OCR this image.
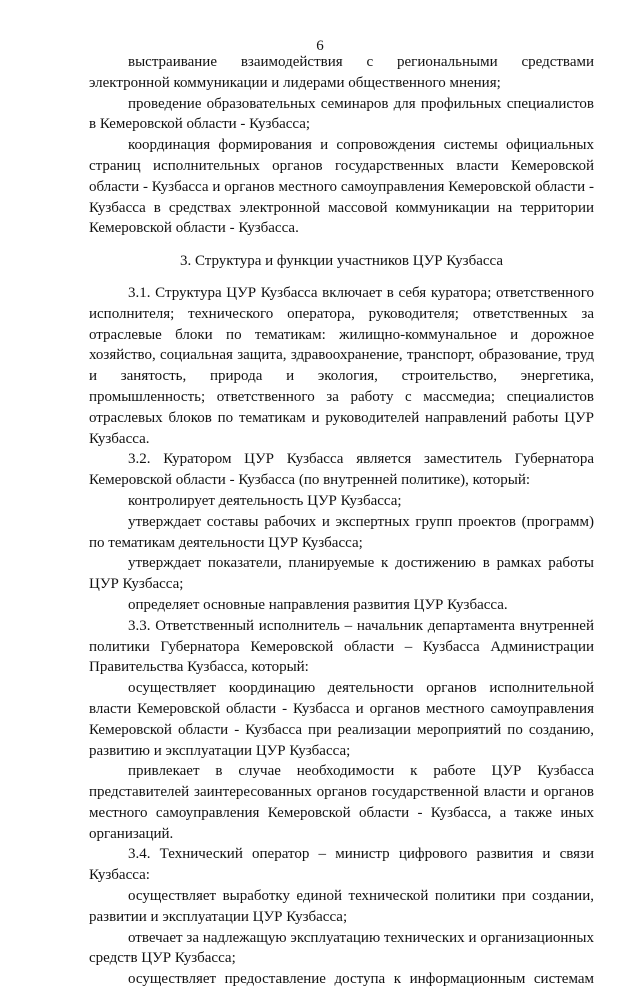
6

выстраивание взаимодействия с региональными средствами электронной коммуникации и лидерами общественного мнения;

проведение образовательных семинаров для профильных специалистов в Кемеровской области - Кузбасса;

координация формирования и сопровождения системы официальных страниц исполнительных органов государственных власти Кемеровской области - Кузбасса и органов местного самоуправления Кемеровской области - Кузбасса в средствах электронной массовой коммуникации на территории Кемеровской области - Кузбасса.

3. Структура и функции участников ЦУР Кузбасса

3.1. Структура ЦУР Кузбасса включает в себя куратора; ответственного исполнителя; технического оператора, руководителя; ответственных за отраслевые блоки по тематикам: жилищно-коммунальное и дорожное хозяйство, социальная защита, здравоохранение, транспорт, образование, труд и занятость, природа и экология, строительство, энергетика, промышленность; ответственного за работу с массмедиа; специалистов отраслевых блоков по тематикам и руководителей направлений работы ЦУР Кузбасса.

3.2. Куратором ЦУР Кузбасса является заместитель Губернатора Кемеровской области - Кузбасса (по внутренней политике), который:

контролирует деятельность ЦУР Кузбасса;

утверждает составы рабочих и экспертных групп проектов (программ) по тематикам деятельности ЦУР Кузбасса;

утверждает показатели, планируемые к достижению в рамках работы ЦУР Кузбасса;

определяет основные направления развития ЦУР Кузбасса.

3.3. Ответственный исполнитель – начальник департамента внутренней политики Губернатора Кемеровской области – Кузбасса Администрации Правительства Кузбасса, который:

осуществляет координацию деятельности органов исполнительной власти Кемеровской области - Кузбасса и органов местного самоуправления Кемеровской области - Кузбасса при реализации мероприятий по созданию, развитию и эксплуатации ЦУР Кузбасса;

привлекает в случае необходимости к работе ЦУР Кузбасса представителей заинтересованных органов государственной власти и органов местного самоуправления Кемеровской области - Кузбасса, а также иных организаций.

3.4. Технический оператор – министр цифрового развития и связи Кузбасса:

осуществляет выработку единой технической политики при создании, развитии и эксплуатации ЦУР Кузбасса;

отвечает за надлежащую эксплуатацию технических и организационных средств ЦУР Кузбасса;

осуществляет предоставление доступа к информационным системам
